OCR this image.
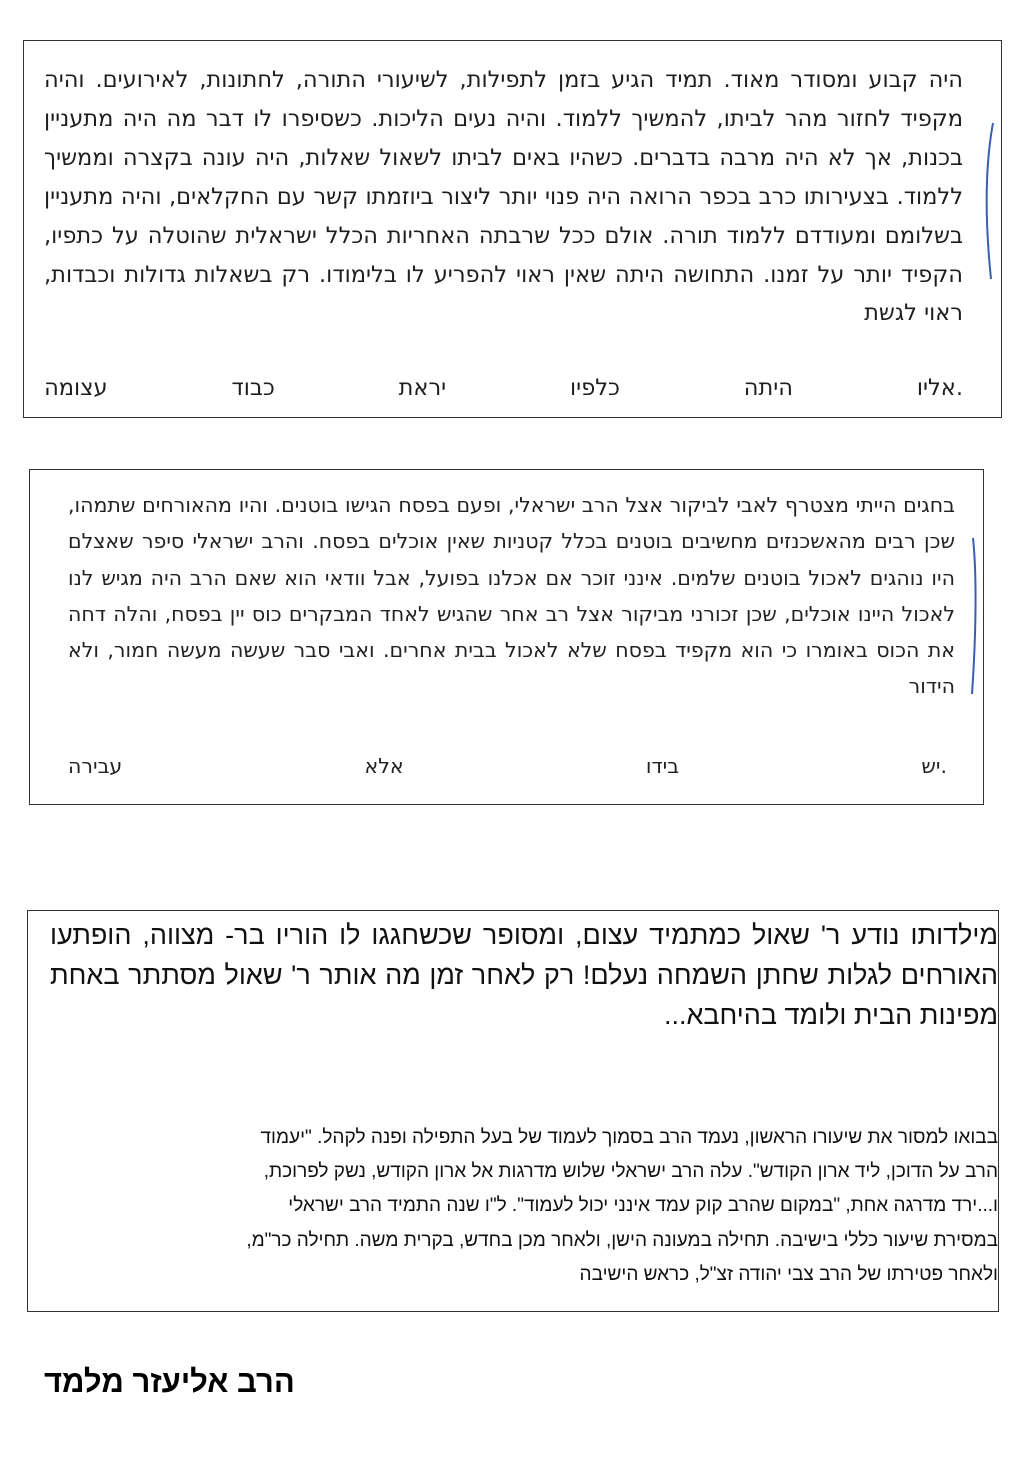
היה קבוע ומסודר מאוד. תמיד הגיע בזמן לתפילות, לשיעורי התורה, לחתונות, לאירועים. והיה מקפיד לחזור מהר לביתו, להמשיך ללמוד. והיה נעים הליכות. כשסיפרו לו דבר מה היה מתעניין בכנות, אך לא היה מרבה בדברים. כשהיו באים לביתו לשאול שאלות, היה עונה בקצרה וממשיך ללמוד. בצעירותו כרב בכפר הרואה היה פנוי יותר ליצור ביוזמתו קשר עם החקלאים, והיה מתעניין בשלומם ומעודדם ללמוד תורה. אולם ככל שרבתה האחריות הכלל ישראלית שהוטלה על כתפיו, הקפיד יותר על זמנו. התחושה היתה שאין ראוי להפריע לו בלימודו. רק בשאלות גדולות וכבדות, ראוי לגשת

.אליו
היתה
כלפיו
יראת
כבוד
עצומה

בחגים הייתי מצטרף לאבי לביקור אצל הרב ישראלי, ופעם בפסח הגישו בוטנים. והיו מהאורחים שתמהו, שכן רבים מהאשכנזים מחשיבים בוטנים בכלל קטניות שאין אוכלים בפסח. והרב ישראלי סיפר שאצלם היו נוהגים לאכול בוטנים שלמים. אינני זוכר אם אכלנו בפועל, אבל וודאי הוא שאם הרב היה מגיש לנו לאכול היינו אוכלים, שכן זכורני מביקור אצל רב אחר שהגיש לאחד המבקרים כוס יין בפסח, והלה דחה את הכוס באומרו כי הוא מקפיד בפסח שלא לאכול בבית אחרים. ואבי סבר שעשה מעשה חמור, ולא הידור

.יש
בידו
אלא
עבירה

מילדותו נודע ר' שאול כמתמיד עצום, ומסופר שכשחגגו לו הוריו בר- מצווה, הופתעו האורחים לגלות שחתן השמחה נעלם! רק לאחר זמן מה אותר ר' שאול מסתתר באחת מפינות הבית ולומד בהיחבא...

בבואו למסור את שיעורו הראשון, נעמד הרב בסמוך לעמוד של בעל התפילה ופנה לקהל. "יעמוד
הרב על הדוכן, ליד ארון הקודש". עלה הרב ישראלי שלוש מדרגות אל ארון הקודש, נשק לפרוכת,
ו...ירד מדרגה אחת, "במקום שהרב קוק עמד אינני יכול לעמוד". ל"ו שנה התמיד הרב ישראלי
במסירת שיעור כללי בישיבה. תחילה במעונה הישן, ולאחר מכן בחדש, בקרית משה. תחילה כר"מ,
ולאחר פטירתו של הרב צבי יהודה זצ"ל, כראש הישיבה
הרב אליעזר מלמד
